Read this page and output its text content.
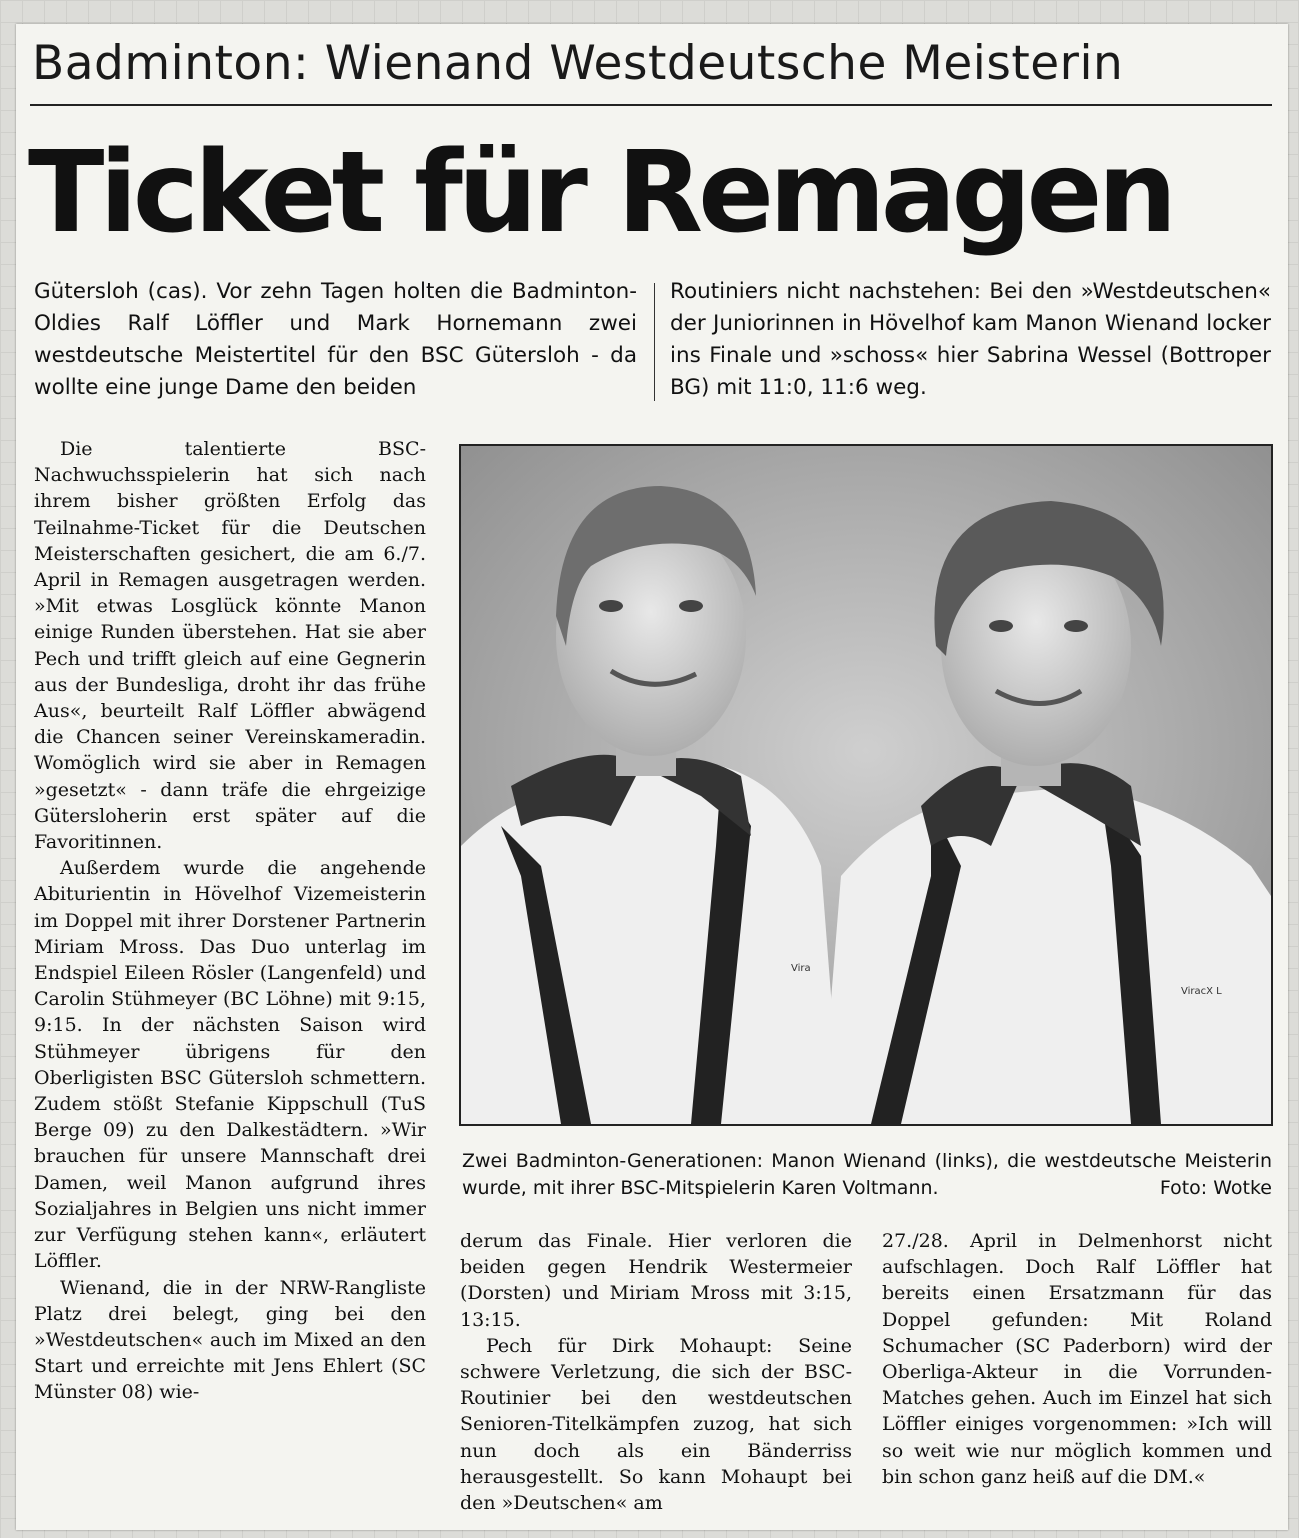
Badminton: Wienand Westdeutsche Meisterin
Ticket für Remagen
Gütersloh (cas). Vor zehn Tagen holten die Badminton-Oldies Ralf Löffler und Mark Hornemann zwei westdeutsche Meistertitel für den BSC Gütersloh - da wollte eine junge Dame den beiden
Routiniers nicht nachstehen: Bei den »Westdeutschen« der Juniorinnen in Hövelhof kam Manon Wienand locker ins Finale und »schoss« hier Sabrina Wessel (Bottroper BG) mit 11:0, 11:6 weg.

Die talentierte BSC-Nachwuchsspielerin hat sich nach ihrem bisher größten Erfolg das Teilnahme-Ticket für die Deutschen Meisterschaften gesichert, die am 6./7. April in Remagen ausgetragen werden. »Mit etwas Losglück könnte Manon einige Runden überstehen. Hat sie aber Pech und trifft gleich auf eine Gegnerin aus der Bundesliga, droht ihr das frühe Aus«, beurteilt Ralf Löffler abwägend die Chancen seiner Vereinskameradin. Womöglich wird sie aber in Remagen »gesetzt« - dann träfe die ehrgeizige Gütersloherin erst später auf die Favoritinnen.

Außerdem wurde die angehende Abiturientin in Hövelhof Vizemeisterin im Doppel mit ihrer Dorstener Partnerin Miriam Mross. Das Duo unterlag im Endspiel Eileen Rösler (Langenfeld) und Carolin Stühmeyer (BC Löhne) mit 9:15, 9:15. In der nächsten Saison wird Stühmeyer übrigens für den Oberligisten BSC Gütersloh schmettern. Zudem stößt Stefanie Kippschull (TuS Berge 09) zu den Dalkestädtern. »Wir brauchen für unsere Mannschaft drei Damen, weil Manon aufgrund ihres Sozialjahres in Belgien uns nicht immer zur Verfügung stehen kann«, erläutert Löffler.

Wienand, die in der NRW-Rangliste Platz drei belegt, ging bei den »Westdeutschen« auch im Mixed an den Start und erreichte mit Jens Ehlert (SC Münster 08) wie-

Vira
ViracX L
Zwei Badminton-Generationen: Manon Wienand (links), die westdeutsche Meisterin wurde, mit ihrer BSC-Mitspielerin Karen Voltmann.	Foto: Wotke

derum das Finale. Hier verloren die beiden gegen Hendrik Westermeier (Dorsten) und Miriam Mross mit 3:15, 13:15.

Pech für Dirk Mohaupt: Seine schwere Verletzung, die sich der BSC-Routinier bei den westdeutschen Senioren-Titelkämpfen zuzog, hat sich nun doch als ein Bänderriss herausgestellt. So kann Mohaupt bei den »Deutschen« am

27./28. April in Delmenhorst nicht aufschlagen. Doch Ralf Löffler hat bereits einen Ersatzmann für das Doppel gefunden: Mit Roland Schumacher (SC Paderborn) wird der Oberliga-Akteur in die Vorrunden-Matches gehen. Auch im Einzel hat sich Löffler einiges vorgenommen: »Ich will so weit wie nur möglich kommen und bin schon ganz heiß auf die DM.«
